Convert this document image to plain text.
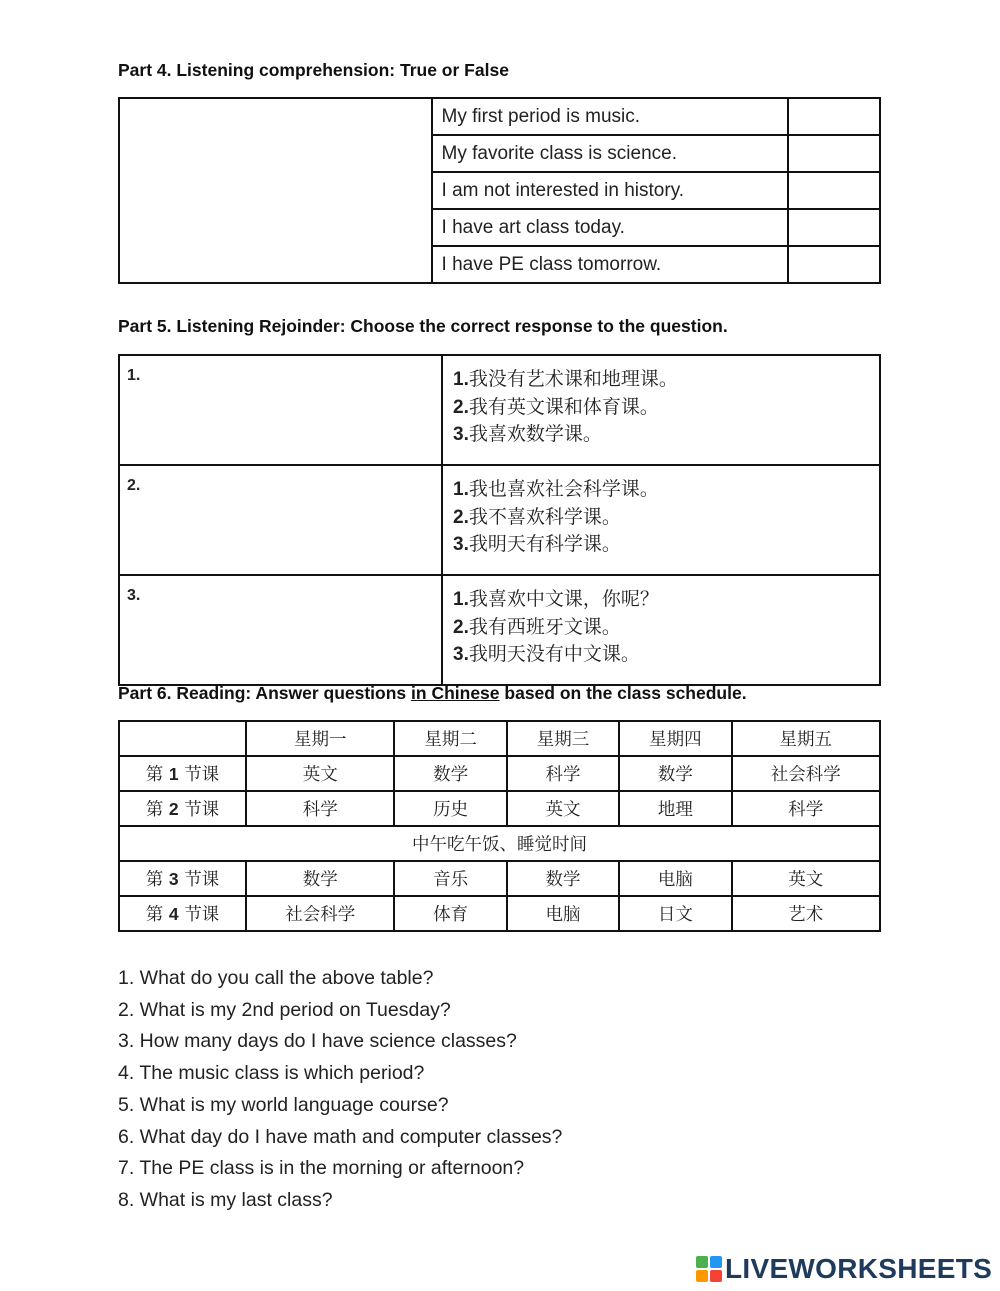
Part 4. Listening comprehension: True or False
	My first period is music.	
	My favorite class is science.	
	I am not interested in history.	
	I have art class today.	
	I have PE class tomorrow.	
Part 5. Listening Rejoinder: Choose the correct response to the question.
1.	1.我没有艺术课和地理课。
2.我有英文课和体育课。
3.我喜欢数学课。

2.	1.我也喜欢社会科学课。
2.我不喜欢科学课。
3.我明天有科学课。

3.	1.我喜欢中文课，你呢？
2.我有西班牙文课。
3.我明天没有中文课。
Part 6. Reading: Answer questions in Chinese based on the class schedule.
	星期一	星期二	星期三	星期四	星期五
第 1 节课	英文	数学	科学	数学	社会科学
第 2 节课	科学	历史	英文	地理	科学
中午吃午饭、睡觉时间					
第 3 节课	数学	音乐	数学	电脑	英文
第 4 节课	社会科学	体育	电脑	日文	艺术
1. What do you call the above table?
2. What is my 2nd period on Tuesday?
3. How many days do I have science classes?
4. The music class is which period?
5. What is my world language course?
6. What day do I have math and computer classes?
7. The PE class is in the morning or afternoon?
8. What is my last class?
LIVEWORKSHEETS
